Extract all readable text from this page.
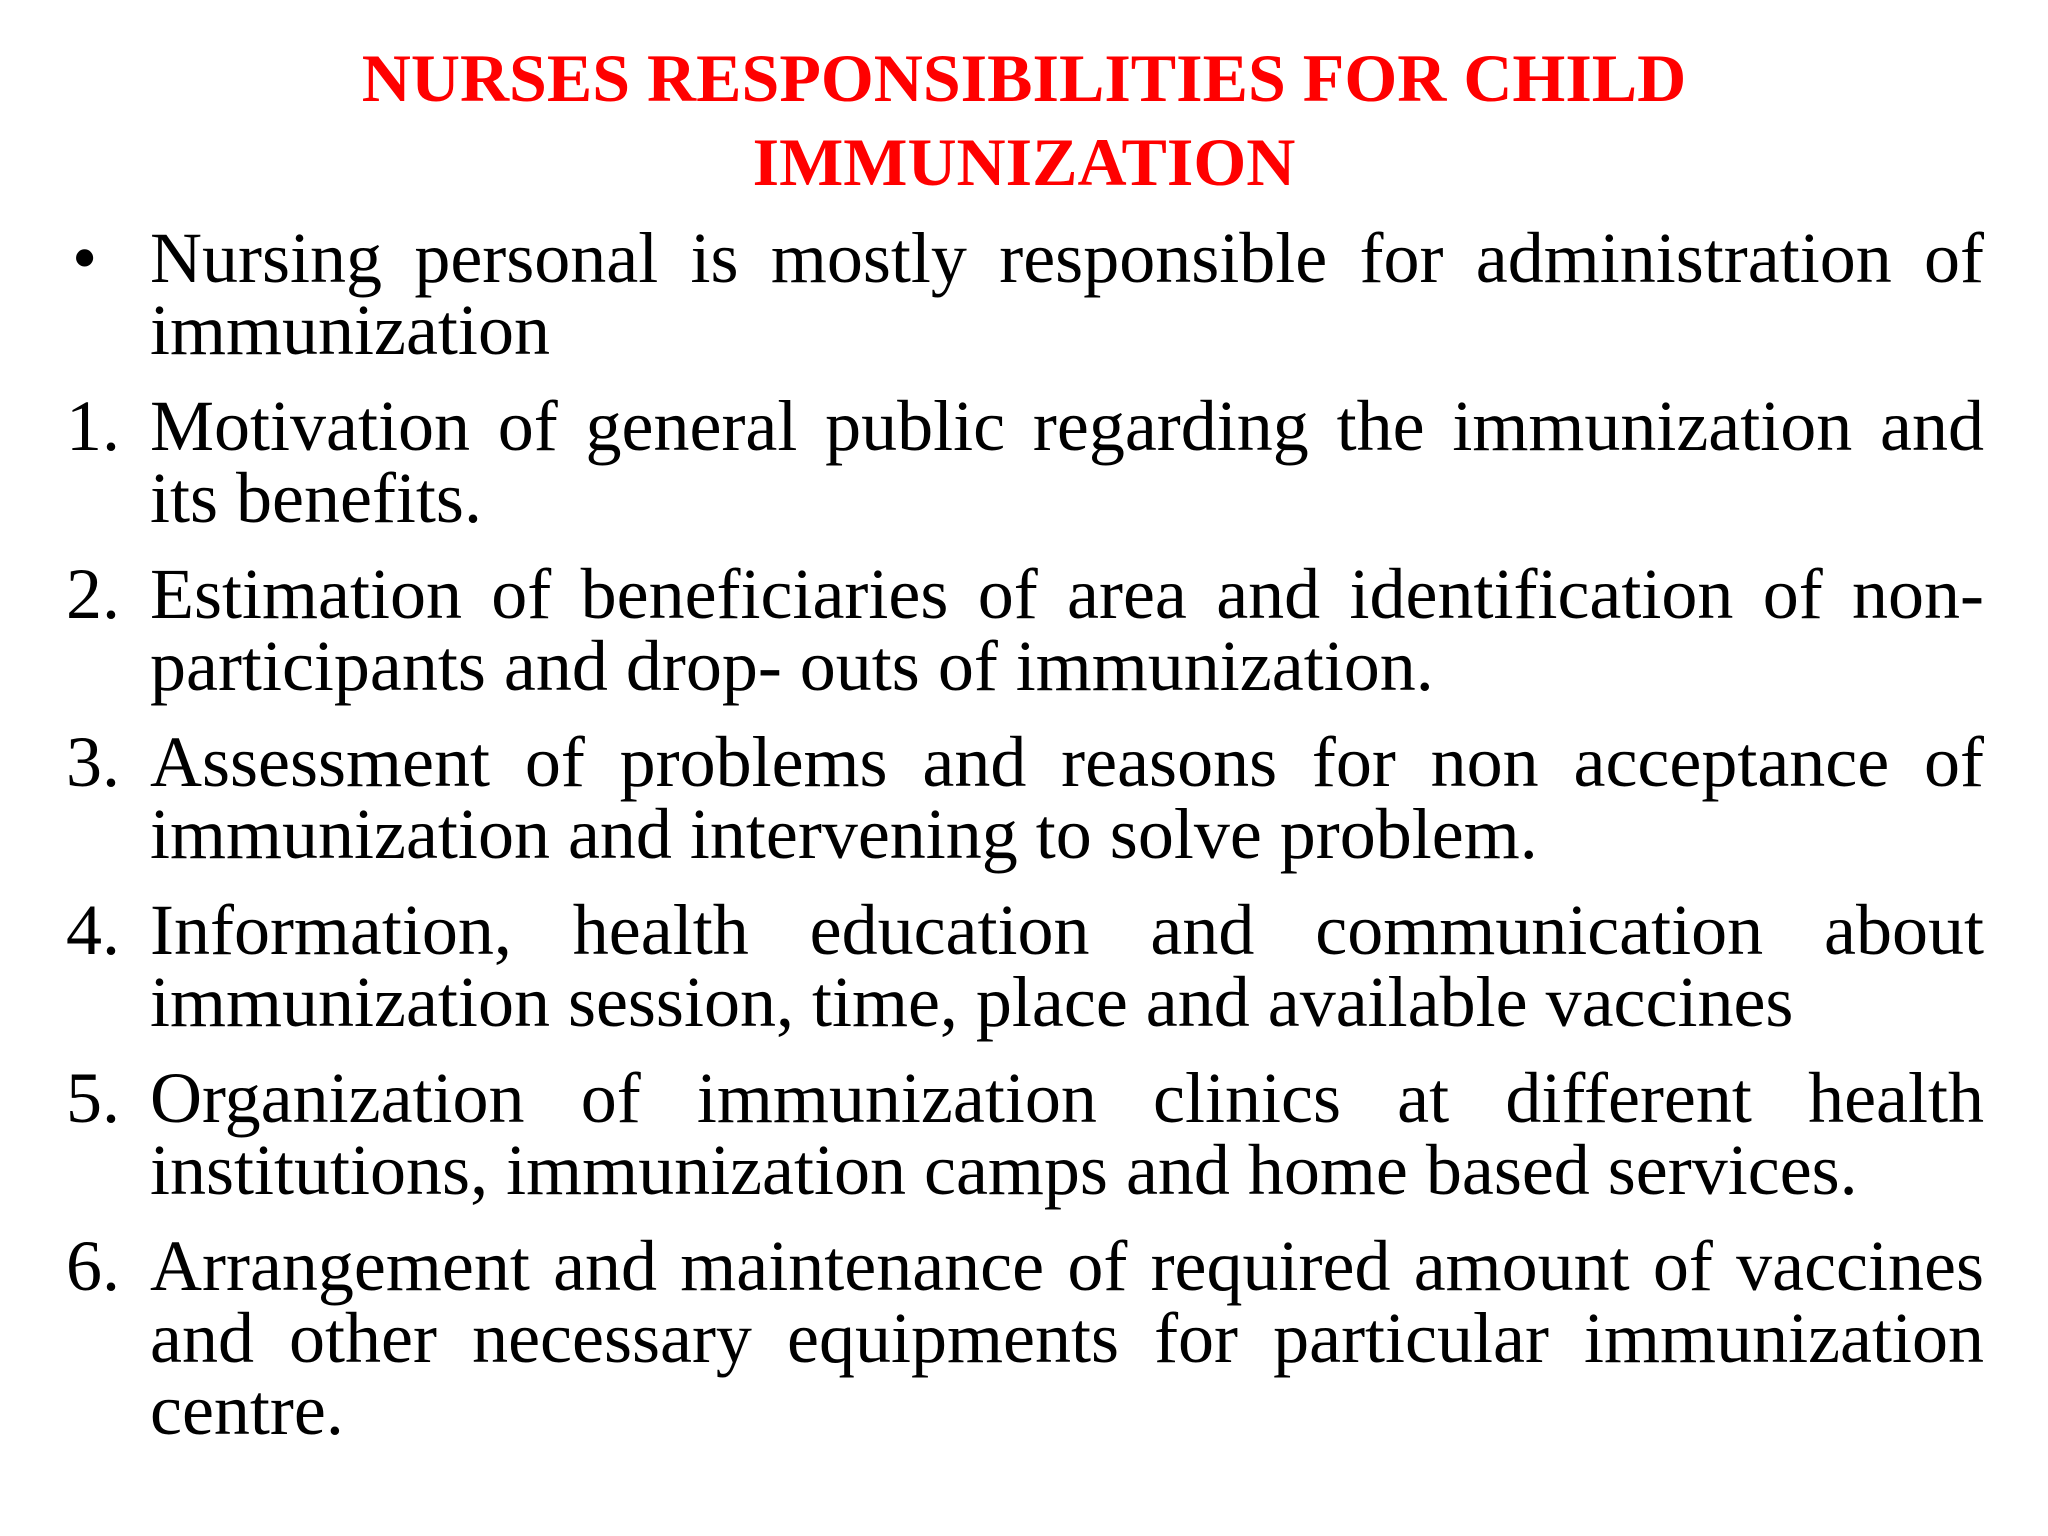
NURSES RESPONSIBILITIES FOR CHILD IMMUNIZATION
• Nursing personal is mostly responsible for administration of immunization
1. Motivation of general public regarding the immunization and its benefits.
2. Estimation of beneficiaries of area and identification of non-participants and drop- outs of immunization.
3. Assessment of problems and reasons for non acceptance of immunization and intervening to solve problem.
4. Information, health education and communication about immunization session, time, place and available vaccines
5. Organization of immunization clinics at different health institutions, immunization camps and home based services.
6. Arrangement and maintenance of required amount of vaccines and other necessary equipments for particular immunization centre.
